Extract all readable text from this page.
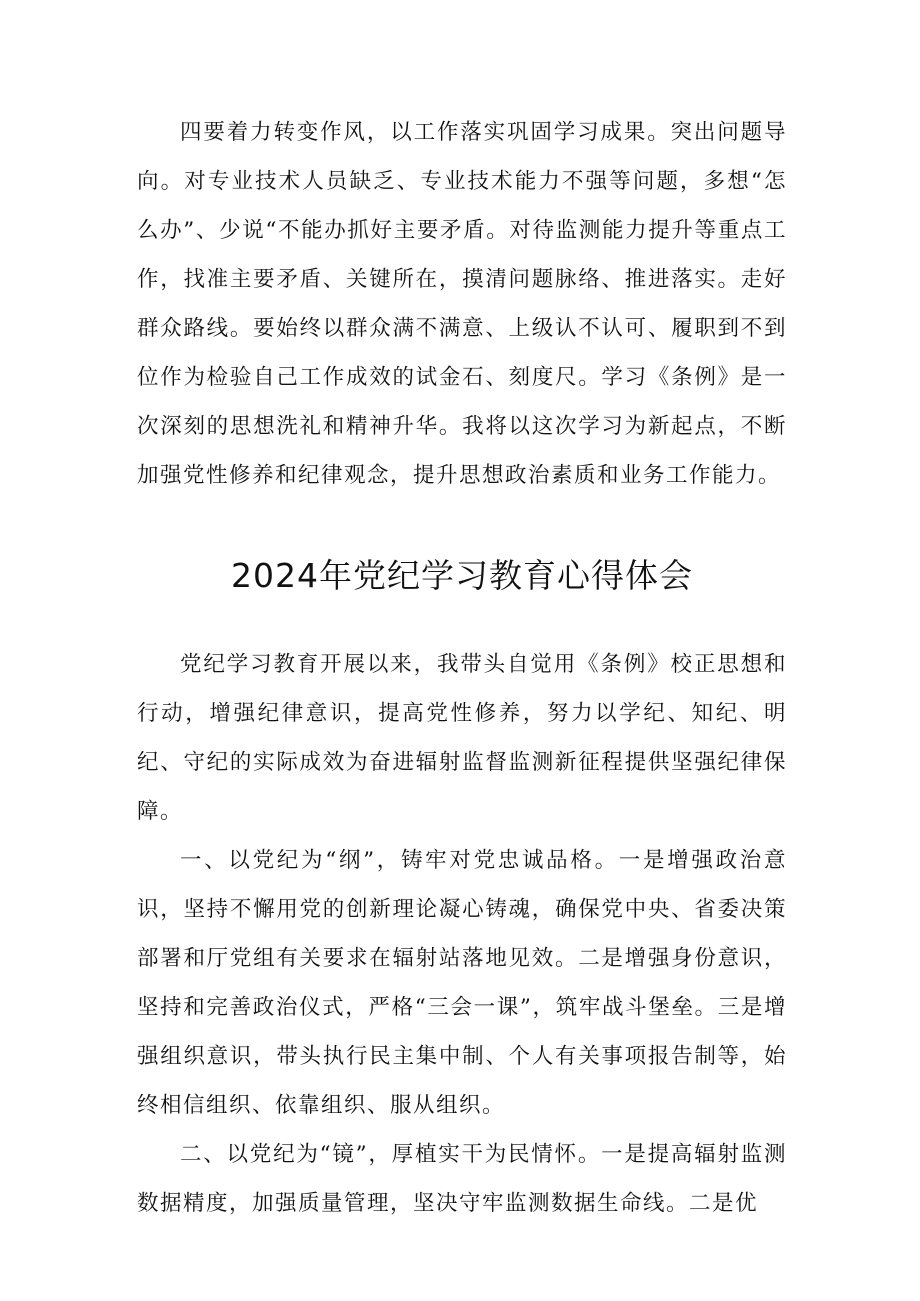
四要着力转变作风，以工作落实巩固学习成果。突出问题导向。对专业技术人员缺乏、专业技术能力不强等问题，多想“怎么办”、少说“不能办抓好主要矛盾。对待监测能力提升等重点工作，找准主要矛盾、关键所在，摸清问题脉络、推进落实。走好群众路线。要始终以群众满不满意、上级认不认可、履职到不到位作为检验自己工作成效的试金石、刻度尺。学习《条例》是一次深刻的思想洗礼和精神升华。我将以这次学习为新起点，不断加强党性修养和纪律观念，提升思想政治素质和业务工作能力。

2024年党纪学习教育心得体会

党纪学习教育开展以来，我带头自觉用《条例》校正思想和行动，增强纪律意识，提高党性修养，努力以学纪、知纪、明纪、守纪的实际成效为奋进辐射监督监测新征程提供坚强纪律保障。

一、以党纪为“纲”，铸牢对党忠诚品格。一是增强政治意识，坚持不懈用党的创新理论凝心铸魂，确保党中央、省委决策部署和厅党组有关要求在辐射站落地见效。二是增强身份意识，坚持和完善政治仪式，严格“三会一课”，筑牢战斗堡垒。三是增强组织意识，带头执行民主集中制、个人有关事项报告制等，始终相信组织、依靠组织、服从组织。

二、以党纪为“镜”，厚植实干为民情怀。一是提高辐射监测数据精度，加强质量管理，坚决守牢监测数据生命线。二是优
